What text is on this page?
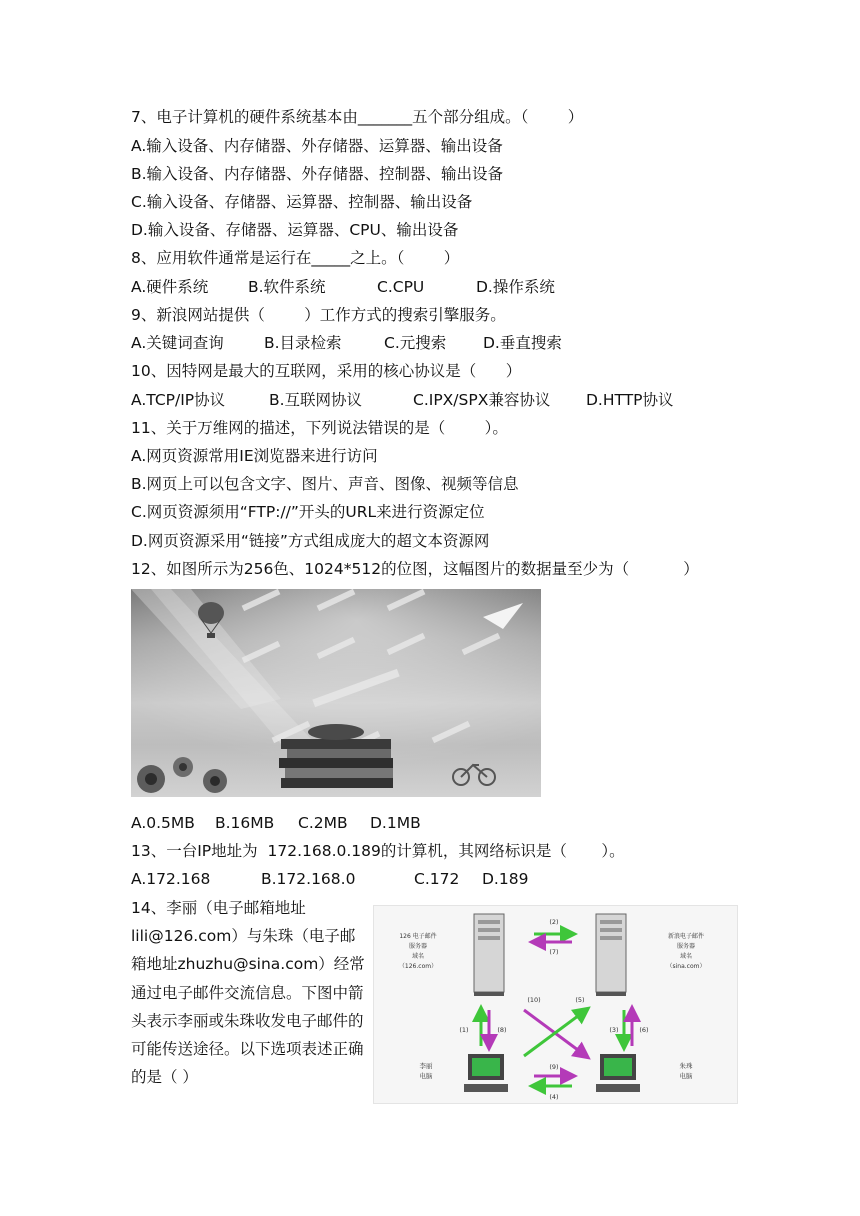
7、电子计算机的硬件系统基本由_______五个部分组成。（        ）
A.输入设备、内存储器、外存储器、运算器、输出设备
B.输入设备、内存储器、外存储器、控制器、输出设备
C.输入设备、存储器、运算器、控制器、输出设备
D.输入设备、存储器、运算器、CPU、输出设备
8、应用软件通常是运行在_____之上。（        ）

A.硬件系统

	B.软件系统

	C.CPU

	D.操作系统

9、新浪网站提供（        ）工作方式的搜索引擎服务。

A.关键词查询

	B.目录检索

	C.元搜索

D.垂直搜索

10、因特网是最大的互联网，采用的核心协议是（      ）

A.TCP/IP协议

	B.互联网协议

	C.IPX/SPX兼容协议

D.HTTP协议

11、关于万维网的描述，下列说法错误的是（        ）。
A.网页资源常用IE浏览器来进行访问
B.网页上可以包含文字、图片、声音、图像、视频等信息
C.网页资源须用“FTP://”开头的URL来进行资源定位
D.网页资源采用“链接”方式组成庞大的超文本资源网
12、如图所示为256色、1024*512的位图，这幅图片的数据量至少为（           ）

A.0.5MB

B.16MB

C.2MB

D.1MB

13、一台IP地址为  172.168.0.189的计算机，其网络标识是（       ）。

A.172.168

	B.172.168.0

	C.172

D.189

14、李丽（电子邮箱地址lili@126.com）与朱珠（电子邮箱地址zhuzhu@sina.com）经常通过电子邮件交流信息。下图中箭头表示李丽或朱珠收发电子邮件的可能传送途径。以下选项表述正确的是（ ）
126 电子邮件
服务器
域名
（126.com）
新浪电子邮件
服务器
域名
（sina.com）
李丽
电脑
朱珠
电脑
(1)
(2)
(3)
(4)
(5)
(6)
(7)
(8)
(9)
(10)
